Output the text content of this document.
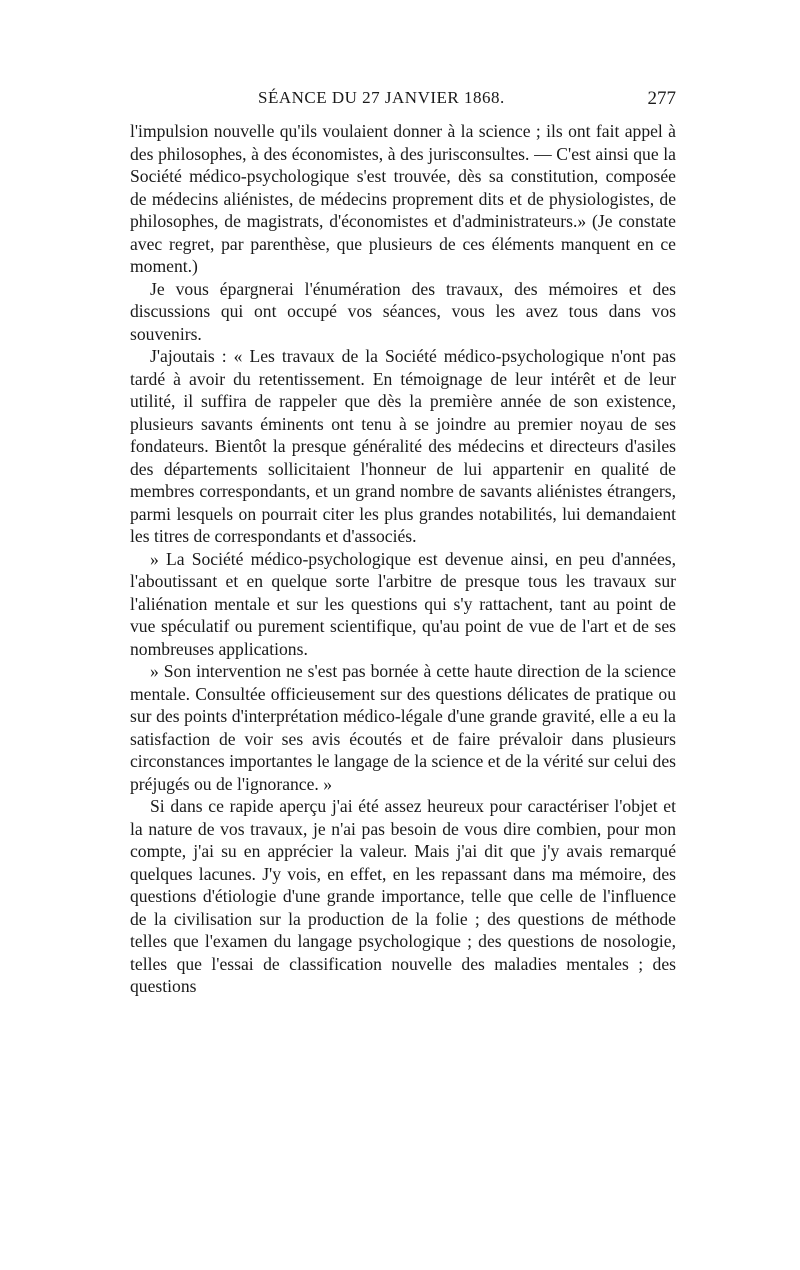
SÉANCE DU 27 JANVIER 1868.	277

l'impulsion nouvelle qu'ils voulaient donner à la science ; ils ont fait appel à des philosophes, à des économistes, à des jurisconsultes. — C'est ainsi que la Société médico-psychologique s'est trouvée, dès sa constitution, composée de médecins aliénistes, de médecins proprement dits et de physiologistes, de philosophes, de magistrats, d'économistes et d'administrateurs.» (Je constate avec regret, par parenthèse, que plusieurs de ces éléments manquent en ce moment.)

Je vous épargnerai l'énumération des travaux, des mémoires et des discussions qui ont occupé vos séances, vous les avez tous dans vos souvenirs.

J'ajoutais : « Les travaux de la Société médico-psychologique n'ont pas tardé à avoir du retentissement. En témoignage de leur intérêt et de leur utilité, il suffira de rappeler que dès la première année de son existence, plusieurs savants éminents ont tenu à se joindre au premier noyau de ses fondateurs. Bientôt la presque généralité des médecins et directeurs d'asiles des départements sollicitaient l'honneur de lui appartenir en qualité de membres correspondants, et un grand nombre de savants aliénistes étrangers, parmi lesquels on pourrait citer les plus grandes notabilités, lui demandaient les titres de correspondants et d'associés.

» La Société médico-psychologique est devenue ainsi, en peu d'années, l'aboutissant et en quelque sorte l'arbitre de presque tous les travaux sur l'aliénation mentale et sur les questions qui s'y rattachent, tant au point de vue spéculatif ou purement scientifique, qu'au point de vue de l'art et de ses nombreuses applications.

» Son intervention ne s'est pas bornée à cette haute direction de la science mentale. Consultée officieusement sur des questions délicates de pratique ou sur des points d'interprétation médico-légale d'une grande gravité, elle a eu la satisfaction de voir ses avis écoutés et de faire prévaloir dans plusieurs circonstances importantes le langage de la science et de la vérité sur celui des préjugés ou de l'ignorance. »

Si dans ce rapide aperçu j'ai été assez heureux pour caractériser l'objet et la nature de vos travaux, je n'ai pas besoin de vous dire combien, pour mon compte, j'ai su en apprécier la valeur. Mais j'ai dit que j'y avais remarqué quelques lacunes. J'y vois, en effet, en les repassant dans ma mémoire, des questions d'étiologie d'une grande importance, telle que celle de l'influence de la civilisation sur la production de la folie ; des questions de méthode telles que l'examen du langage psychologique ; des questions de nosologie, telles que l'essai de classification nouvelle des maladies mentales ; des questions
